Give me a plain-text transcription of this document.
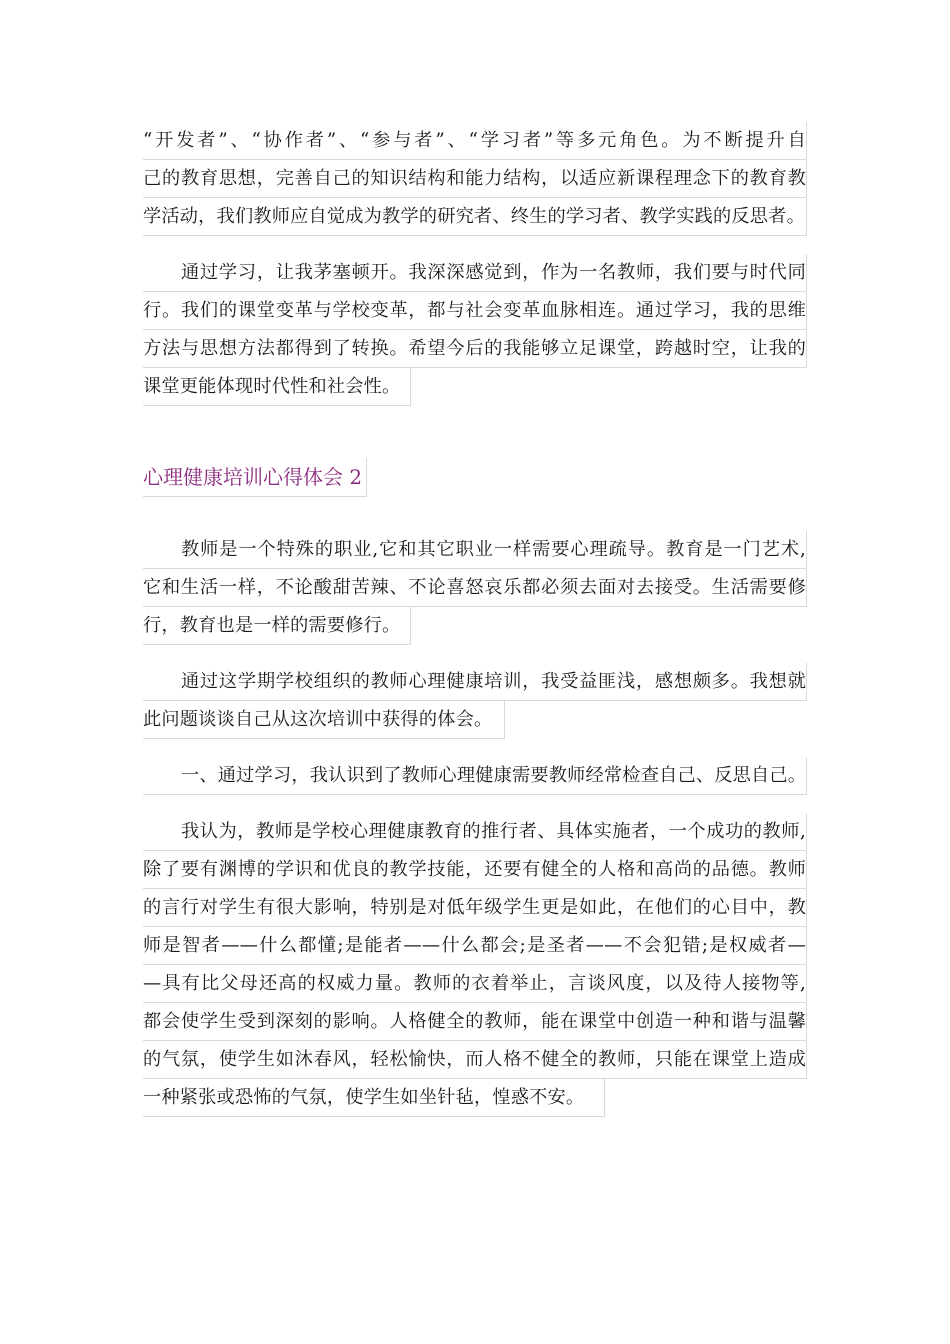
“开发者”、“协作者”、“参与者”、“学习者”等多元角色。为不断提升自
己的教育思想，完善自己的知识结构和能力结构，以适应新课程理念下的教育教
学活动，我们教师应自觉成为教学的研究者、终生的学习者、教学实践的反思者。
通过学习，让我茅塞顿开。我深深感觉到，作为一名教师，我们要与时代同
行。我们的课堂变革与学校变革，都与社会变革血脉相连。通过学习，我的思维
方法与思想方法都得到了转换。希望今后的我能够立足课堂，跨越时空，让我的
课堂更能体现时代性和社会性。
心理健康培训心得体会 2
教师是一个特殊的职业,它和其它职业一样需要心理疏导。教育是一门艺术,
它和生活一样，不论酸甜苦辣、不论喜怒哀乐都必须去面对去接受。生活需要修
行，教育也是一样的需要修行。
通过这学期学校组织的教师心理健康培训，我受益匪浅，感想颇多。我想就
此问题谈谈自己从这次培训中获得的体会。
一、通过学习，我认识到了教师心理健康需要教师经常检查自己、反思自己。
我认为，教师是学校心理健康教育的推行者、具体实施者，一个成功的教师,
除了要有渊博的学识和优良的教学技能，还要有健全的人格和高尚的品德。教师
的言行对学生有很大影响，特别是对低年级学生更是如此，在他们的心目中，教
师是智者——什么都懂;是能者——什么都会;是圣者——不会犯错;是权威者—
—具有比父母还高的权威力量。教师的衣着举止，言谈风度，以及待人接物等,
都会使学生受到深刻的影响。人格健全的教师，能在课堂中创造一种和谐与温馨
的气氛，使学生如沐春风，轻松愉快，而人格不健全的教师，只能在课堂上造成
一种紧张或恐怖的气氛，使学生如坐针毡，惶惑不安。
